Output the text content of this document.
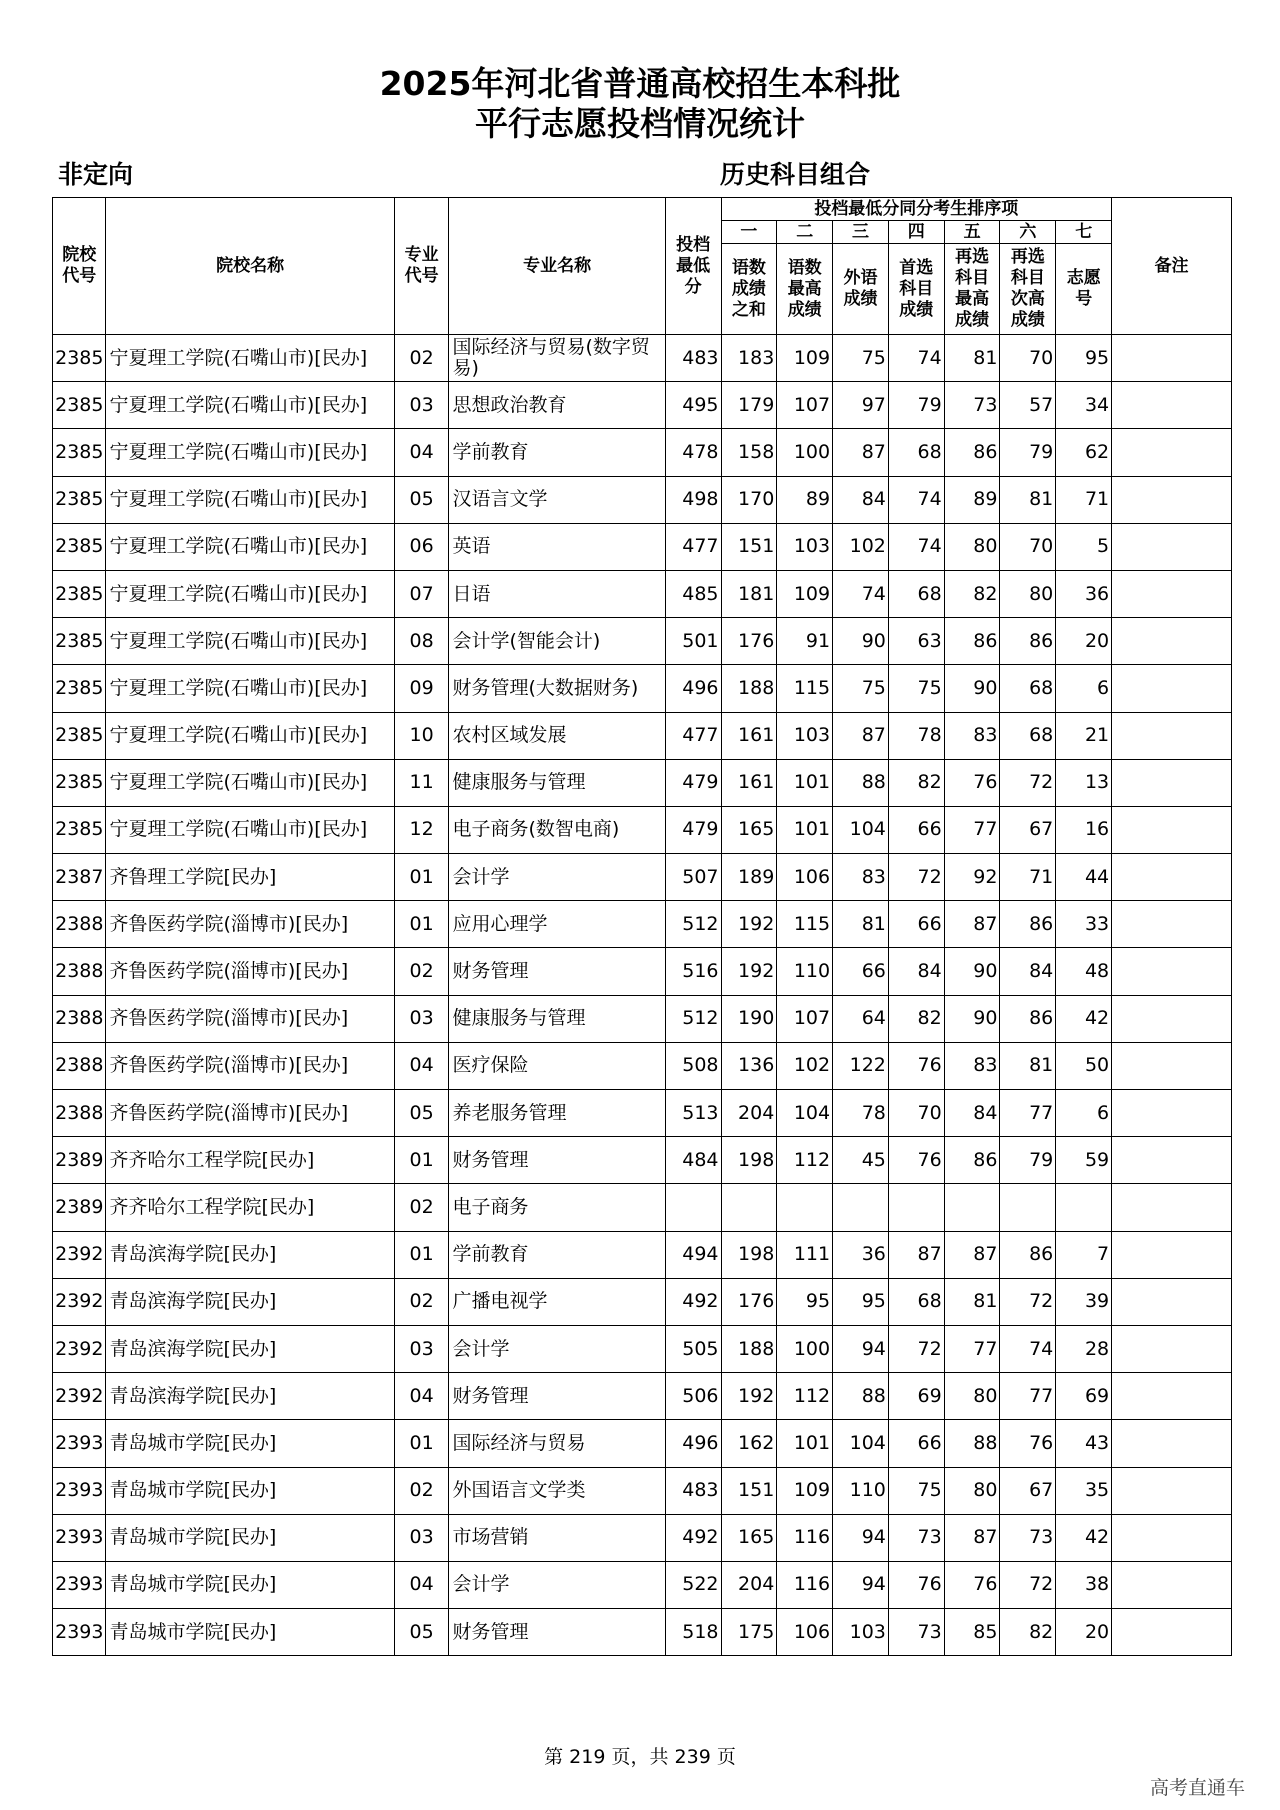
2025年河北省普通高校招生本科批
平行志愿投档情况统计
非定向	历史科目组合
院校代号	院校名称	专业代号	专业名称	投档最低分	投档最低分同分考生排序项							备注
					一	二	三	四	五	六	七	
					语数成绩之和	语数最高成绩	外语成绩	首选科目成绩	再选科目最高成绩	再选科目次高成绩	志愿号	
2385	宁夏理工学院(石嘴山市)[民办]	02	国际经济与贸易(数字贸易)	483	183	109	75	74	81	70	95	
2385	宁夏理工学院(石嘴山市)[民办]	03	思想政治教育	495	179	107	97	79	73	57	34	
2385	宁夏理工学院(石嘴山市)[民办]	04	学前教育	478	158	100	87	68	86	79	62	
2385	宁夏理工学院(石嘴山市)[民办]	05	汉语言文学	498	170	89	84	74	89	81	71	
2385	宁夏理工学院(石嘴山市)[民办]	06	英语	477	151	103	102	74	80	70	5	
2385	宁夏理工学院(石嘴山市)[民办]	07	日语	485	181	109	74	68	82	80	36	
2385	宁夏理工学院(石嘴山市)[民办]	08	会计学(智能会计)	501	176	91	90	63	86	86	20	
2385	宁夏理工学院(石嘴山市)[民办]	09	财务管理(大数据财务)	496	188	115	75	75	90	68	6	
2385	宁夏理工学院(石嘴山市)[民办]	10	农村区域发展	477	161	103	87	78	83	68	21	
2385	宁夏理工学院(石嘴山市)[民办]	11	健康服务与管理	479	161	101	88	82	76	72	13	
2385	宁夏理工学院(石嘴山市)[民办]	12	电子商务(数智电商)	479	165	101	104	66	77	67	16	
2387	齐鲁理工学院[民办]	01	会计学	507	189	106	83	72	92	71	44	
2388	齐鲁医药学院(淄博市)[民办]	01	应用心理学	512	192	115	81	66	87	86	33	
2388	齐鲁医药学院(淄博市)[民办]	02	财务管理	516	192	110	66	84	90	84	48	
2388	齐鲁医药学院(淄博市)[民办]	03	健康服务与管理	512	190	107	64	82	90	86	42	
2388	齐鲁医药学院(淄博市)[民办]	04	医疗保险	508	136	102	122	76	83	81	50	
2388	齐鲁医药学院(淄博市)[民办]	05	养老服务管理	513	204	104	78	70	84	77	6	
2389	齐齐哈尔工程学院[民办]	01	财务管理	484	198	112	45	76	86	79	59	
2389	齐齐哈尔工程学院[民办]	02	电子商务									
2392	青岛滨海学院[民办]	01	学前教育	494	198	111	36	87	87	86	7	
2392	青岛滨海学院[民办]	02	广播电视学	492	176	95	95	68	81	72	39	
2392	青岛滨海学院[民办]	03	会计学	505	188	100	94	72	77	74	28	
2392	青岛滨海学院[民办]	04	财务管理	506	192	112	88	69	80	77	69	
2393	青岛城市学院[民办]	01	国际经济与贸易	496	162	101	104	66	88	76	43	
2393	青岛城市学院[民办]	02	外国语言文学类	483	151	109	110	75	80	67	35	
2393	青岛城市学院[民办]	03	市场营销	492	165	116	94	73	87	73	42	
2393	青岛城市学院[民办]	04	会计学	522	204	116	94	76	76	72	38	
2393	青岛城市学院[民办]	05	财务管理	518	175	106	103	73	85	82	20	
第 219 页，共 239 页
高考直通车
